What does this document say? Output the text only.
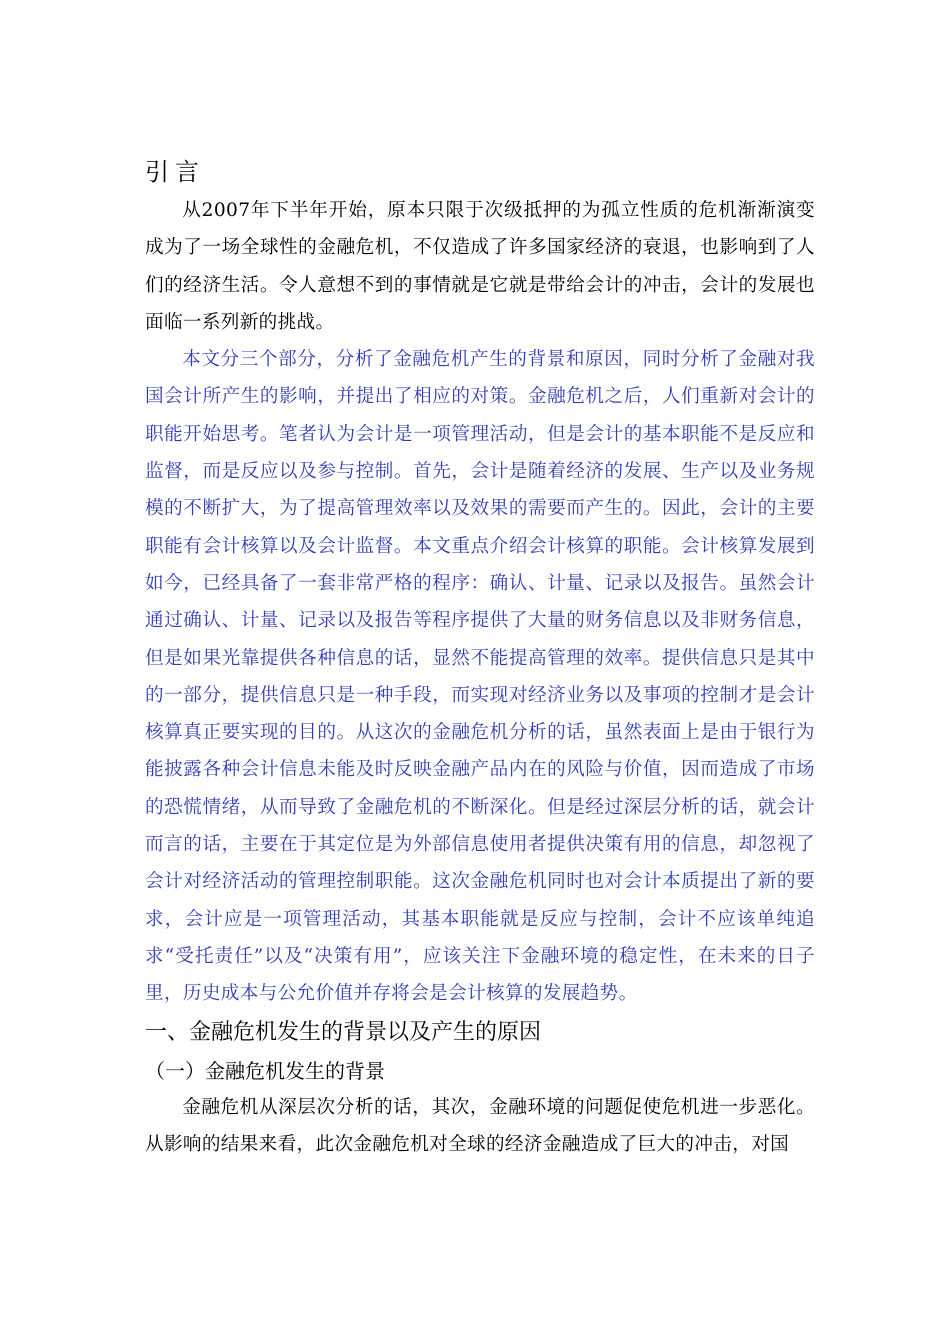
引言

从2007年下半年开始，原本只限于次级抵押的为孤立性质的危机渐渐演变成为了一场全球性的金融危机，不仅造成了许多国家经济的衰退，也影响到了人们的经济生活。令人意想不到的事情就是它就是带给会计的冲击，会计的发展也面临一系列新的挑战。

本文分三个部分，分析了金融危机产生的背景和原因，同时分析了金融对我国会计所产生的影响，并提出了相应的对策。金融危机之后，人们重新对会计的职能开始思考。笔者认为会计是一项管理活动，但是会计的基本职能不是反应和监督，而是反应以及参与控制。首先，会计是随着经济的发展、生产以及业务规模的不断扩大，为了提高管理效率以及效果的需要而产生的。因此，会计的主要职能有会计核算以及会计监督。本文重点介绍会计核算的职能。会计核算发展到如今，已经具备了一套非常严格的程序：确认、计量、记录以及报告。虽然会计通过确认、计量、记录以及报告等程序提供了大量的财务信息以及非财务信息，但是如果光靠提供各种信息的话，显然不能提高管理的效率。提供信息只是其中的一部分，提供信息只是一种手段，而实现对经济业务以及事项的控制才是会计核算真正要实现的目的。从这次的金融危机分析的话，虽然表面上是由于银行为能披露各种会计信息未能及时反映金融产品内在的风险与价值，因而造成了市场的恐慌情绪，从而导致了金融危机的不断深化。但是经过深层分析的话，就会计而言的话，主要在于其定位是为外部信息使用者提供决策有用的信息，却忽视了会计对经济活动的管理控制职能。这次金融危机同时也对会计本质提出了新的要求，会计应是一项管理活动，其基本职能就是反应与控制，会计不应该单纯追求“受托责任”以及“决策有用”，应该关注下金融环境的稳定性，在未来的日子里，历史成本与公允价值并存将会是会计核算的发展趋势。

一、金融危机发生的背景以及产生的原因
（一）金融危机发生的背景

金融危机从深层次分析的话，其次，金融环境的问题促使危机进一步恶化。从影响的结果来看，此次金融危机对全球的经济金融造成了巨大的冲击，对国
